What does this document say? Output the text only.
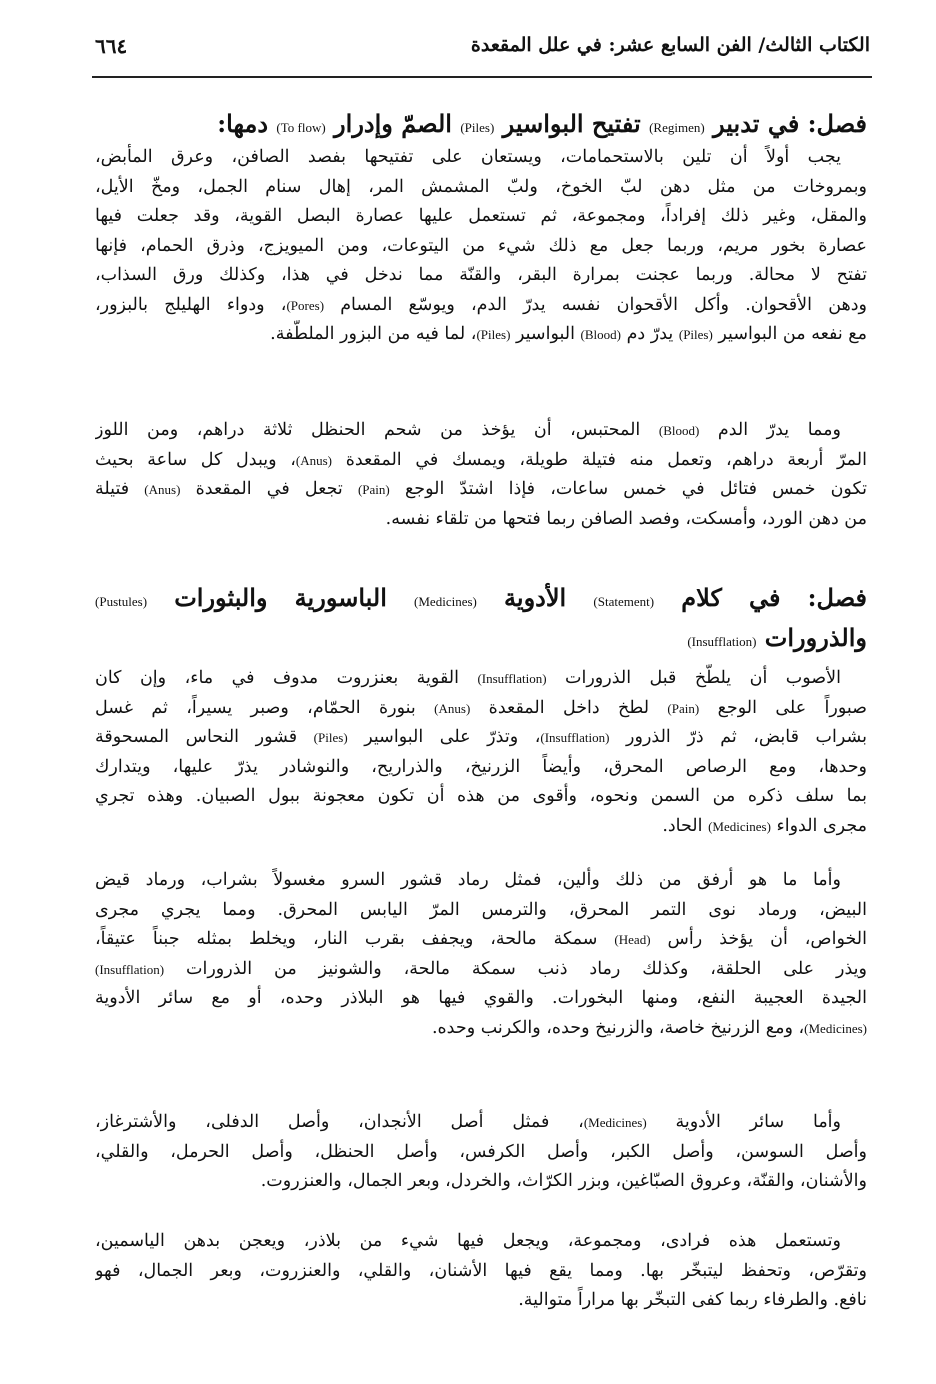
الكتاب الثالث/ الفن السابع عشر: في علل المقعدة
٦٦٤
فصل: في تدبير (Regimen) تفتيح البواسير (Piles) الصمّ وإدرار (To flow) دمها:
يجب أولاً أن تلين بالاستحمامات، ويستعان على تفتيحها بفصد الصافن، وعرق المأبض،
وبمروخات من مثل دهن لبّ الخوخ، ولبّ المشمش المر، إهال سنام الجمل، ومخّ الأيل،
والمقل، وغير ذلك إفراداً، ومجموعة، ثم تستعمل عليها عصارة البصل القوية، وقد جعلت فيها
عصارة بخور مريم، وربما جعل مع ذلك شيء من اليتوعات، ومن الميويزج، وذرق الحمام، فإنها
تفتح لا محالة. وربما عجنت بمرارة البقر، والقنّة مما ندخل في هذا، وكذلك ورق السذاب،
ودهن الأقحوان. وأكل الأقحوان نفسه يدرّ الدم، ويوسّع المسام (Pores)، ودواء الهليلج بالبزور،
مع نفعه من البواسير (Piles) يدرّ دم (Blood) البواسير (Piles)، لما فيه من البزور الملطّفة.
ومما يدرّ الدم (Blood) المحتبس، أن يؤخذ من شحم الحنظل ثلاثة دراهم، ومن اللوز
المرّ أربعة دراهم، وتعمل منه فتيلة طويلة، ويمسك في المقعدة (Anus)، ويبدل كل ساعة بحيث
تكون خمس فتائل في خمس ساعات، فإذا اشتدّ الوجع (Pain) تجعل في المقعدة (Anus) فتيلة
من دهن الورد، وأمسكت، وفصد الصافن ربما فتحها من تلقاء نفسه.
فصل: في كلام (Statement) الأدوية (Medicines) الباسورية والبثورات (Pustules)
والذرورات (Insufflation)
الأصوب أن يلطّخ قبل الذرورات (Insufflation) القوية بعنزروت مدوف في ماء، وإن كان
صبوراً على الوجع (Pain) لطخ داخل المقعدة (Anus) بنورة الحمّام، وصبر يسيراً، ثم غسل
بشراب قابض، ثم ذرّ الذرور (Insufflation)، وتذرّ على البواسير (Piles) قشور النحاس المسحوقة
وحدها، ومع الرصاص المحرق، وأيضاً الزرنيخ، والذراريح، والنوشادر يذرّ عليها، ويتدارك
بما سلف ذكره من السمن ونحوه، وأقوى من هذه أن تكون معجونة ببول الصبيان. وهذه تجري
مجرى الدواء (Medicines) الحاد.
وأما ما هو أرفق من ذلك وألين، فمثل رماد قشور السرو مغسولاً بشراب، ورماد قيض
البيض، ورماد نوى التمر المحرق، والترمس المرّ اليابس المحرق. ومما يجري مجرى
الخواص، أن يؤخذ رأس (Head) سمكة مالحة، ويجفف بقرب النار، ويخلط بمثله جبناً عتيقاً،
ويذر على الحلقة، وكذلك رماد ذنب سمكة مالحة، والشونيز من الذرورات (Insufflation)
الجيدة العجيبة النفع، ومنها البخورات. والقوي فيها هو البلاذر وحده، أو مع سائر الأدوية
(Medicines)، ومع الزرنيخ خاصة، والزرنيخ وحده، والكرنب وحده.
وأما سائر الأدوية (Medicines)، فمثل أصل الأنجدان، وأصل الدفلى، والأشترغاز،
وأصل السوسن، وأصل الكبر، وأصل الكرفس، وأصل الحنظل، وأصل الحرمل، والقلي،
والأشنان، والقنّة، وعروق الصبّاغين، وبزر الكرّاث، والخردل، وبعر الجمال، والعنزروت.
وتستعمل هذه فرادى، ومجموعة، ويجعل فيها شيء من بلاذر، ويعجن بدهن الياسمين،
وتقرّص، وتحفظ ليتبخّر بها. ومما يقع فيها الأشنان، والقلي، والعنزروت، وبعر الجمال، فهو
نافع. والطرفاء ربما كفى التبخّر بها مراراً متوالية.
